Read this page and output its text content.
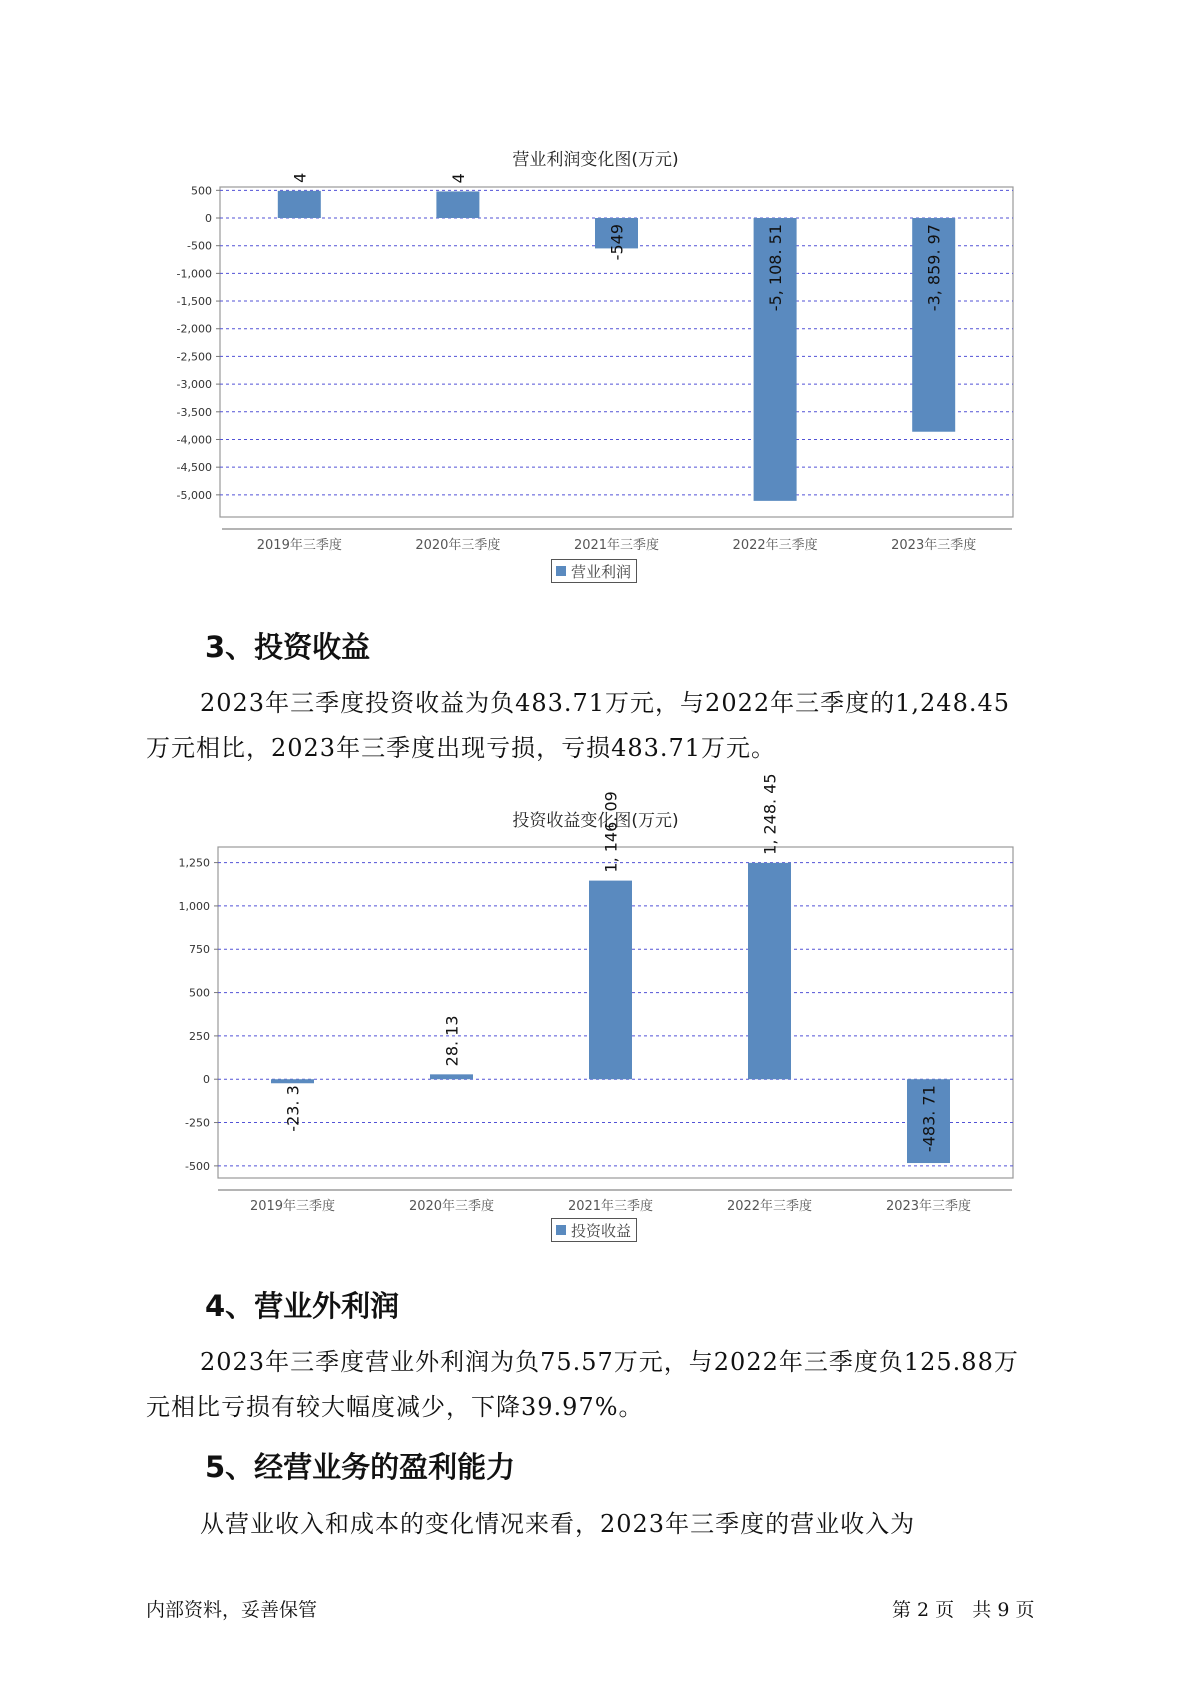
营业利润变化图(万元)
500
0
-500
-1,000
-1,500
-2,000
-2,500
-3,000
-3,500
-4,000
-4,500
-5,000
2019年三季度
4
2020年三季度
4
2021年三季度
-549
2022年三季度
-5, 108. 51
2023年三季度
-3, 859. 97
营业利润
3、投资收益
2023年三季度投资收益为负483.71万元，与2022年三季度的1,248.45
万元相比，2023年三季度出现亏损，亏损483.71万元。
投资收益变化图(万元)
1,250
1,000
750
500
250
0
-250
-500
2019年三季度
-23. 3
2020年三季度
28. 13
2021年三季度
1, 146. 09
2022年三季度
1, 248. 45
2023年三季度
-483. 71
投资收益
4、营业外利润
2023年三季度营业外利润为负75.57万元，与2022年三季度负125.88万
元相比亏损有较大幅度减少，下降39.97%。
5、经营业务的盈利能力
从营业收入和成本的变化情况来看，2023年三季度的营业收入为
内部资料，妥善保管	第 2 页   共 9 页
